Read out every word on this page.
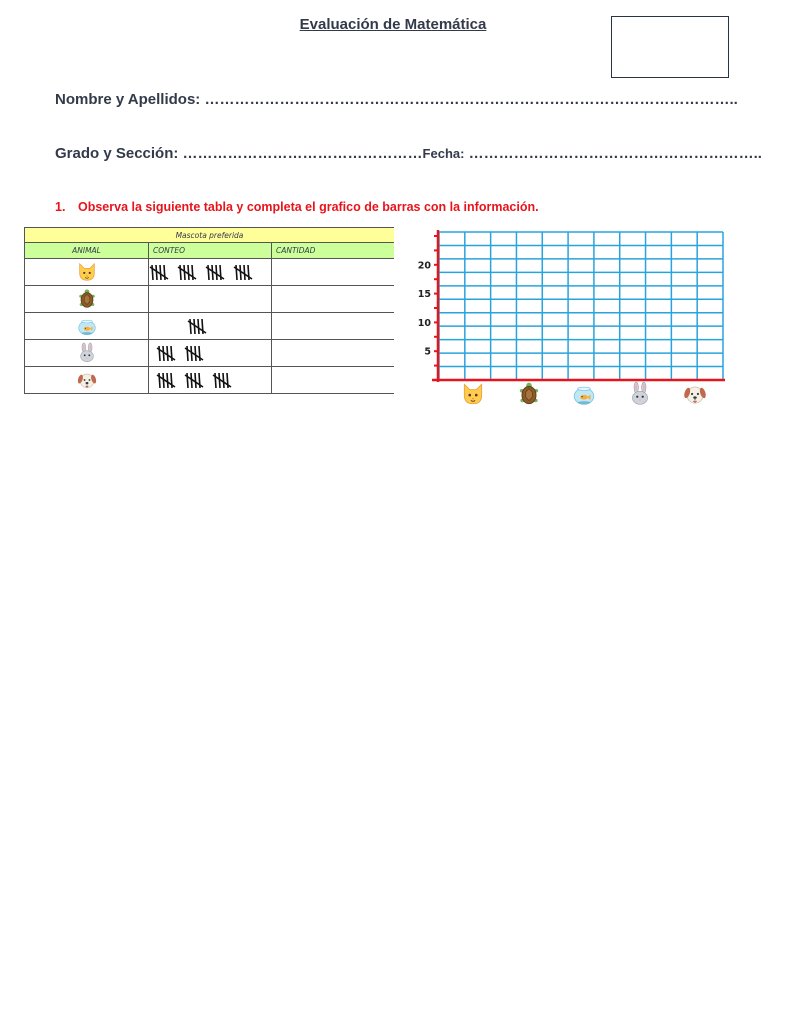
Evaluación de Matemática
Nombre y Apellidos: ……………………………………………………………………………………………..
Grado y Sección: …………………………………………Fecha: …………………………………………………..
1. Observa la siguiente tabla y completa el grafico de barras con la información.
Mascota preferida		
ANIMAL	CONTEO	CANTIDAD

5
10
15
20
